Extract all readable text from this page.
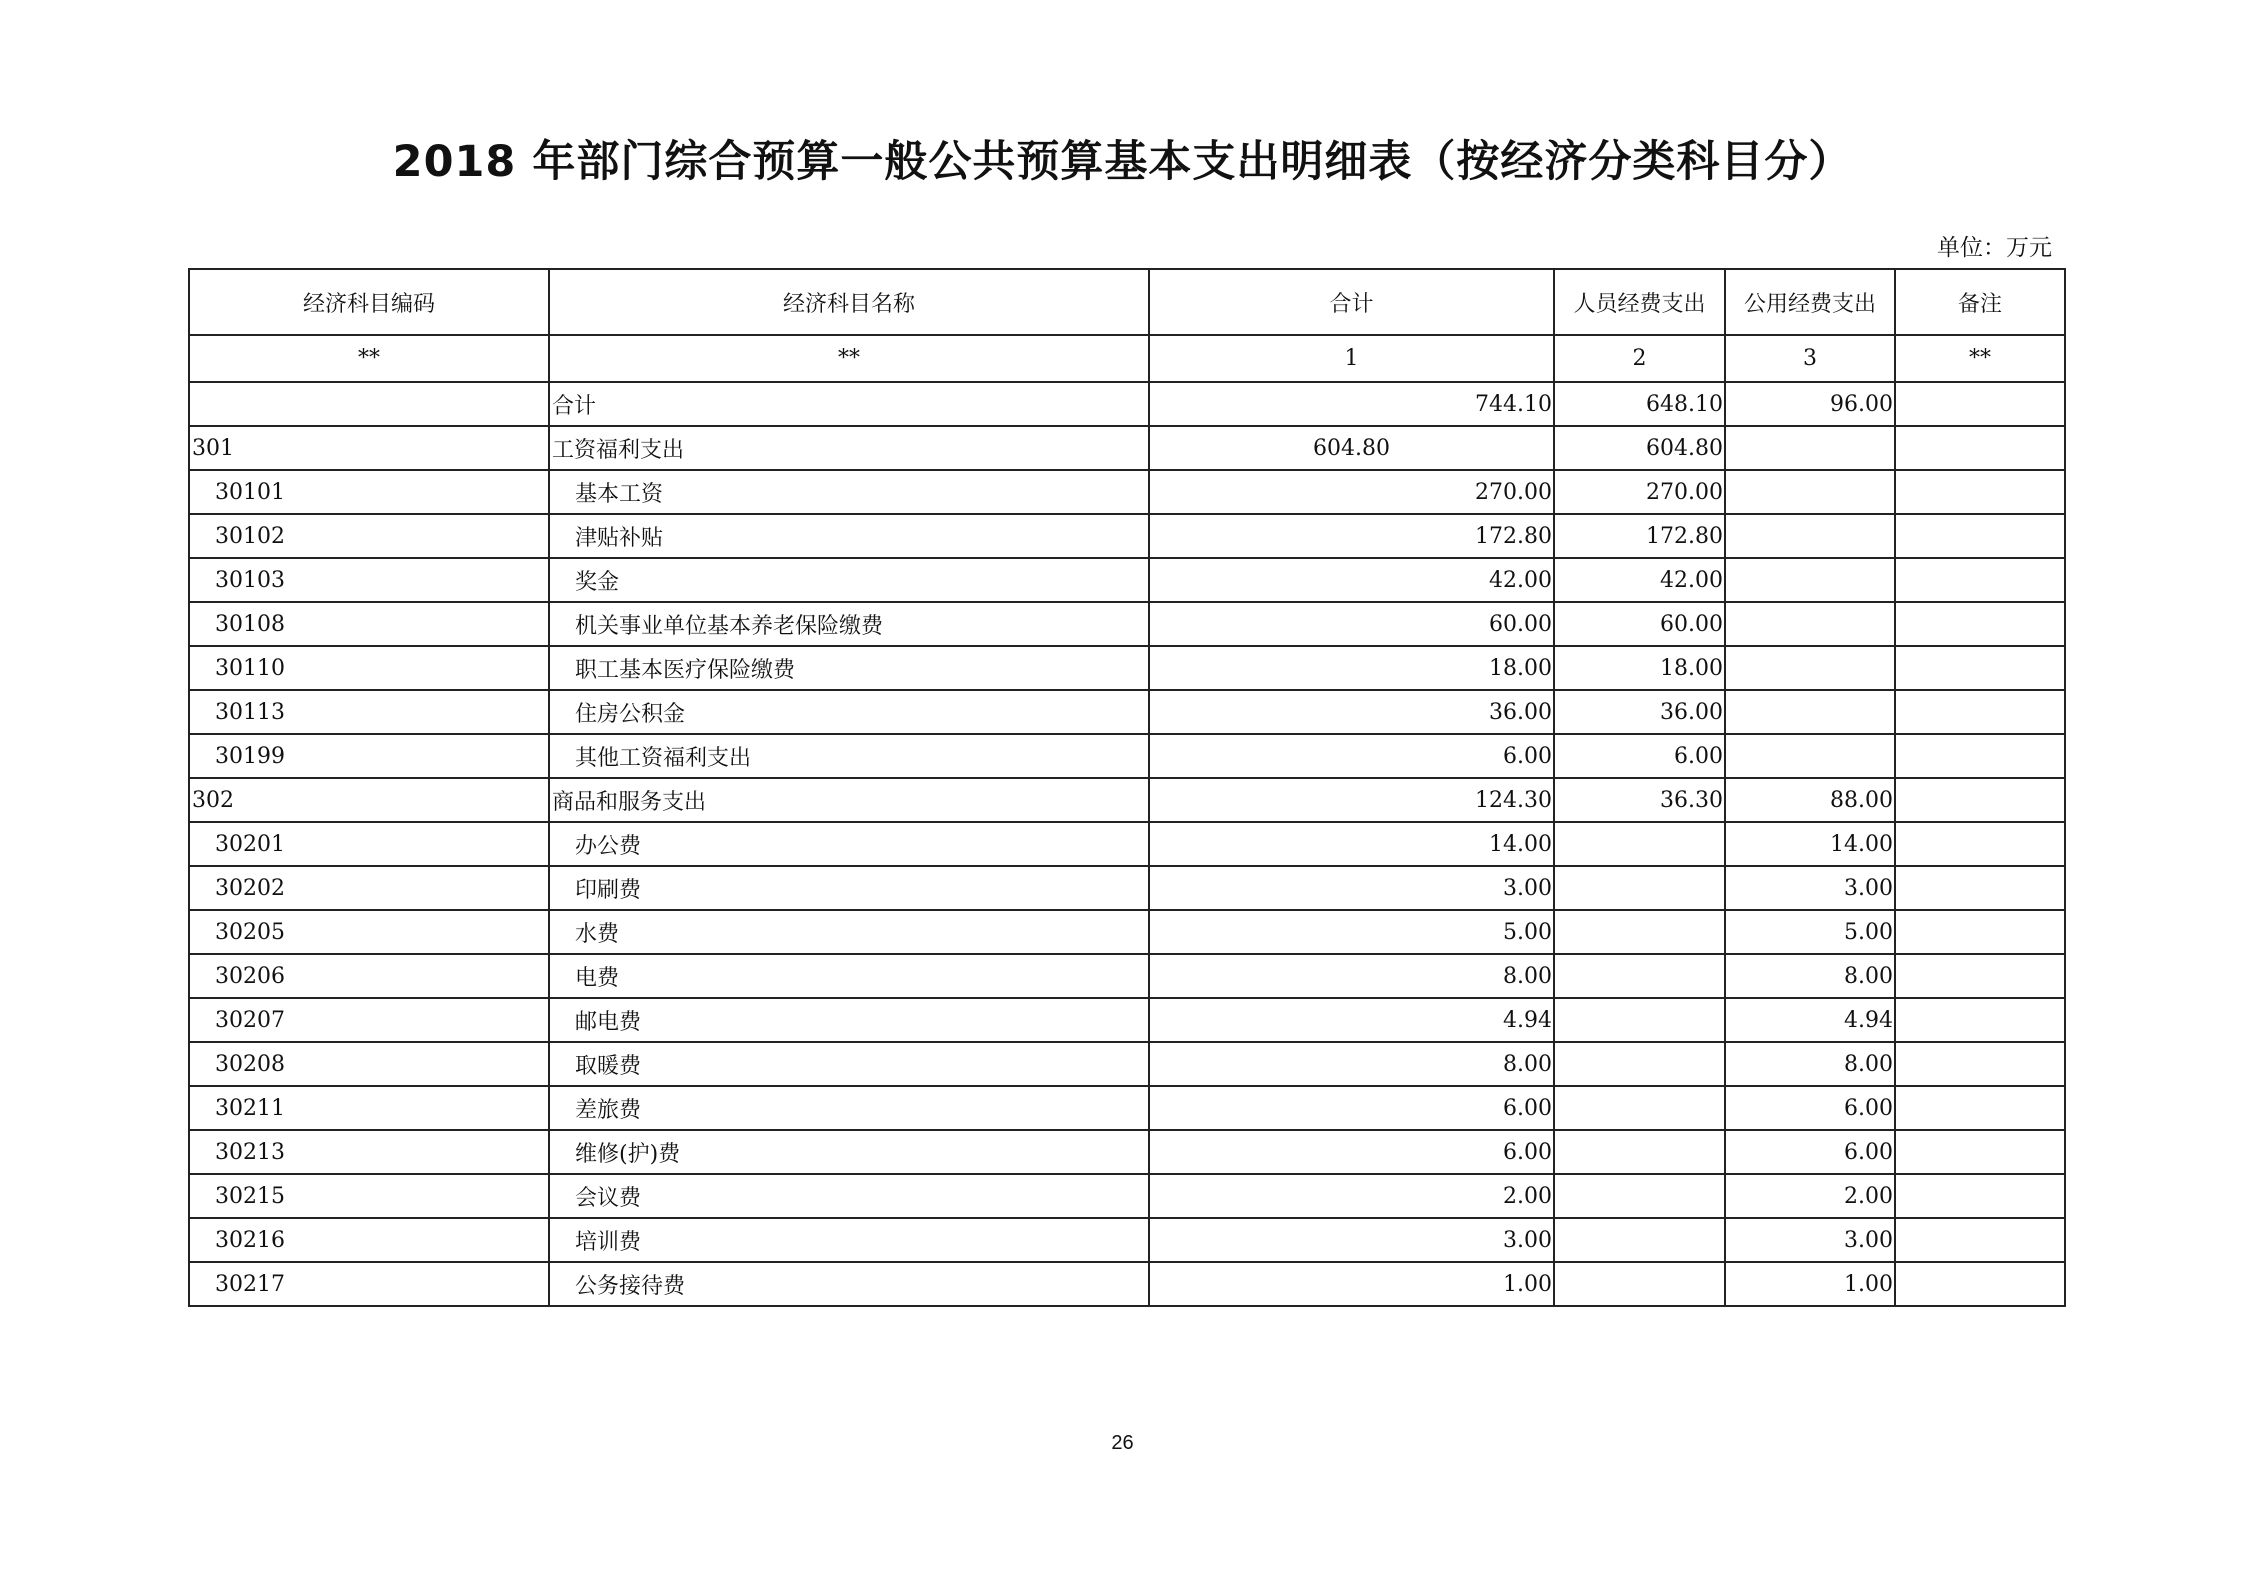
2018 年部门综合预算一般公共预算基本支出明细表（按经济分类科目分）
单位：万元
经济科目编码	经济科目名称	合计	人员经费支出	公用经费支出	备注
**	**	1	2	3	**
	合计	744.10	648.10	96.00	
301	工资福利支出	604.80	604.80		
30101	基本工资	270.00	270.00		
30102	津贴补贴	172.80	172.80		
30103	奖金	42.00	42.00		
30108	机关事业单位基本养老保险缴费	60.00	60.00		
30110	职工基本医疗保险缴费	18.00	18.00		
30113	住房公积金	36.00	36.00		
30199	其他工资福利支出	6.00	6.00		
302	商品和服务支出	124.30	36.30	88.00	
30201	办公费	14.00		14.00	
30202	印刷费	3.00		3.00	
30205	水费	5.00		5.00	
30206	电费	8.00		8.00	
30207	邮电费	4.94		4.94	
30208	取暖费	8.00		8.00	
30211	差旅费	6.00		6.00	
30213	维修(护)费	6.00		6.00	
30215	会议费	2.00		2.00	
30216	培训费	3.00		3.00	
30217	公务接待费	1.00		1.00	
26
